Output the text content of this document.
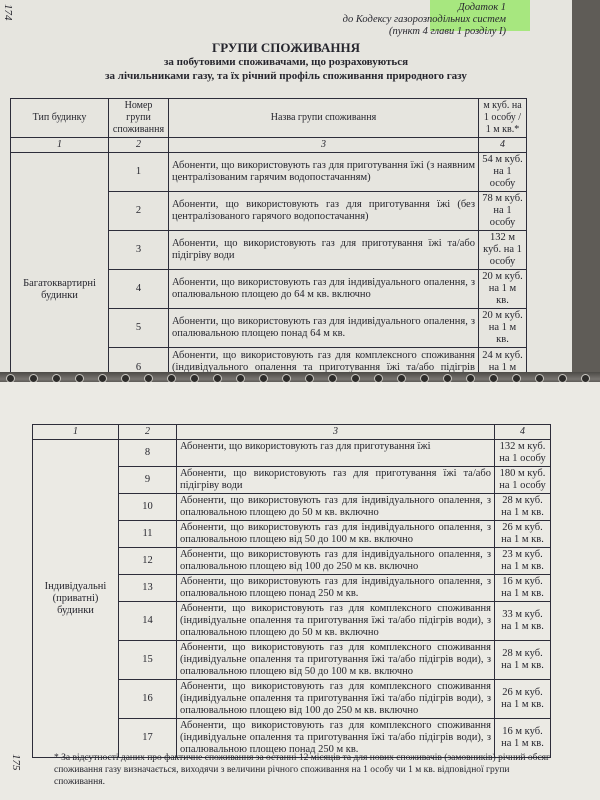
174	Додаток 1
до Кодексу газорозподільних систем
(пункт 4 глави 1 розділу I)
ГРУПИ СПОЖИВАННЯ
за побутовими споживачами, що розраховуються
за лічильниками газу, та їх річний профіль споживання природного газу
Тип будинку	Номер групи споживання	Назва групи споживання	м куб. на 1 особу / 1 м кв.*
1	2	3	4
Багатоквартирні будинки	1	Абоненти, що використовують газ для приготування їжі (з наявним централізованим гарячим водопостачанням)	54 м куб. на 1 особу
	2	Абоненти, що використовують газ для приготування їжі (без централізованого гарячого водопостачання)	78 м куб. на 1 особу
	3	Абоненти, що використовують газ для приготування їжі та/або підігріву води	132 м куб. на 1 особу
	4	Абоненти, що використовують газ для індивідуального опалення, з опалювальною площею до 64 м кв. включно	20 м куб. на 1 м кв.
	5	Абоненти, що використовують газ для індивідуального опалення, з опалювальною площею понад 64 м кв.	20 м куб. на 1 м кв.
	6	Абоненти, що використовують газ для комплексного споживання (індивідуального опалення та приготування їжі та/або підігрів	24 м куб. на 1 м

175
1	2	3	4
Індивідуальні (приватні) будинки	8	Абоненти, що використовують газ для приготування їжі	132 м куб. на 1 особу
	9	Абоненти, що використовують газ для приготування їжі та/або підігріву води	180 м куб. на 1 особу
	10	Абоненти, що використовують газ для індивідуального опалення, з опалювальною площею до 50 м кв. включно	28 м куб. на 1 м кв.
	11	Абоненти, що використовують газ для індивідуального опалення, з опалювальною площею від 50 до 100 м кв. включно	26 м куб. на 1 м кв.
	12	Абоненти, що використовують газ для індивідуального опалення, з опалювальною площею від 100 до 250 м кв. включно	23 м куб. на 1 м кв.
	13	Абоненти, що використовують газ для індивідуального опалення, з опалювальною площею понад 250 м кв.	16 м куб. на 1 м кв.
	14	Абоненти, що використовують газ для комплексного споживання (індивідуальне опалення та приготування їжі та/або підігрів води), з опалювальною площею до 50 м кв. включно	33 м куб. на 1 м кв.
	15	Абоненти, що використовують газ для комплексного споживання (індивідуальне опалення та приготування їжі та/або підігрів води), з опалювальною площею від 50 до 100 м кв. включно	28 м куб. на 1 м кв.
	16	Абоненти, що використовують газ для комплексного споживання (індивідуальне опалення та приготування їжі та/або підігрів води), з опалювальною площею від 100 до 250 м кв. включно	26 м куб. на 1 м кв.
	17	Абоненти, що використовують газ для комплексного споживання (індивідуальне опалення та приготування їжі та/або підігрів води), з опалювальною площею понад 250 м кв.	16 м куб. на 1 м кв.
* За відсутності даних про фактичне споживання за останні 12 місяців та для нових споживачів (замовників) річний обсяг споживання газу визначається, виходячи з величини річного споживання на 1 особу чи 1 м кв. відповідної групи споживання.
